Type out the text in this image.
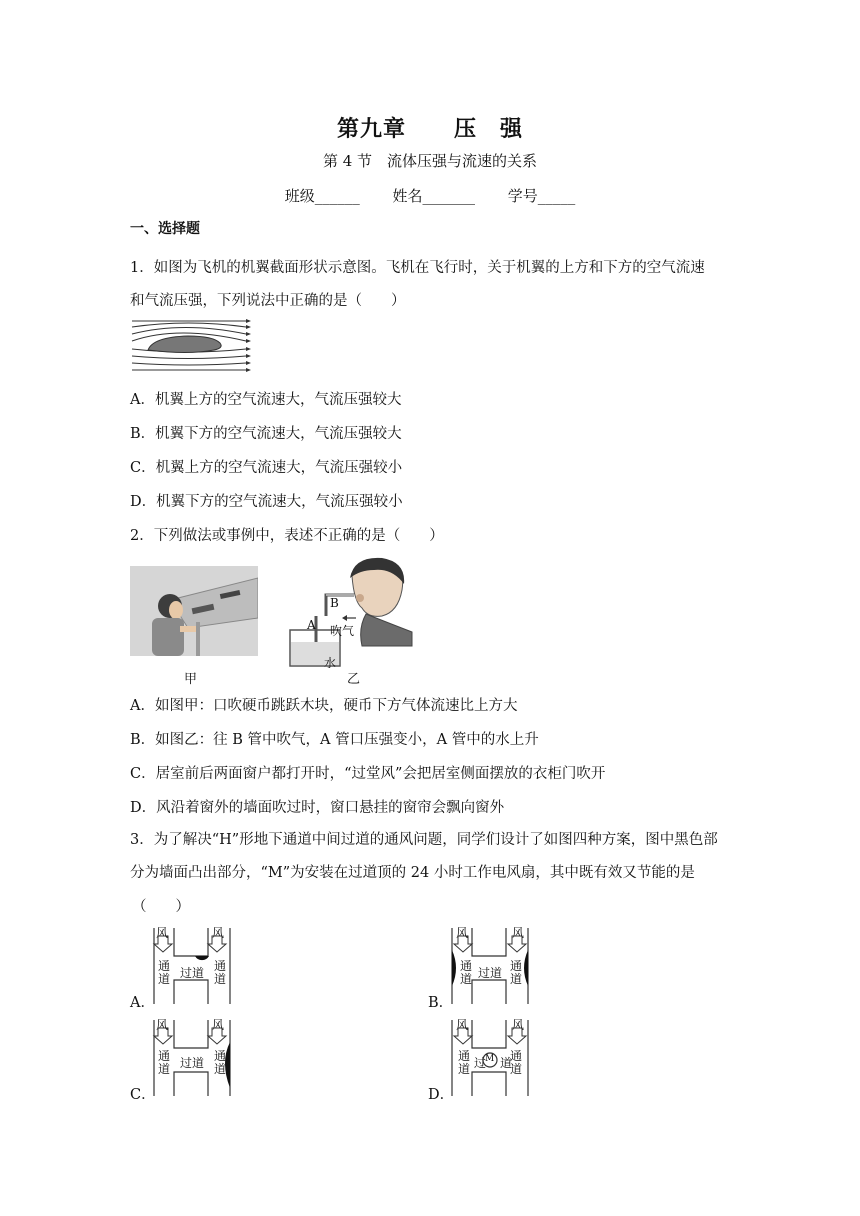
第九章 压　强
第 4 节　流体压强与流速的关系
班级______ 姓名_______ 学号_____
一、选择题
1．如图为飞机的机翼截面形状示意图。飞机在飞行时，关于机翼的上方和下方的空气流速
和气流压强，下列说法中正确的是（　　）
A．机翼上方的空气流速大，气流压强较大
B．机翼下方的空气流速大，气流压强较大
C．机翼上方的空气流速大，气流压强较小
D．机翼下方的空气流速大，气流压强较小
2．下列做法或事例中，表述不正确的是（　　）
甲
B
A 吹气
水
乙
A．如图甲：口吹硬币跳跃木块，硬币下方气体流速比上方大
B．如图乙：往 B 管中吹气，A 管口压强变小，A 管中的水上升
C．居室前后两面窗户都打开时，“过堂风”会把居室侧面摆放的衣柜门吹开
D．风沿着窗外的墙面吹过时，窗口悬挂的窗帘会飘向窗外
3．为了解决“H”形地下通道中间过道的通风问题，同学们设计了如图四种方案，图中黑色部
分为墙面凸出部分，“M”为安装在过道顶的 24 小时工作电风扇，其中既有效又节能的是
（　　）
A．
风	风
通道
通道
过道
B．
风	风
通道
通道
过道
C．
风	风
通道
通道
过道
D．
风	风
通道
通道
过 道
M
